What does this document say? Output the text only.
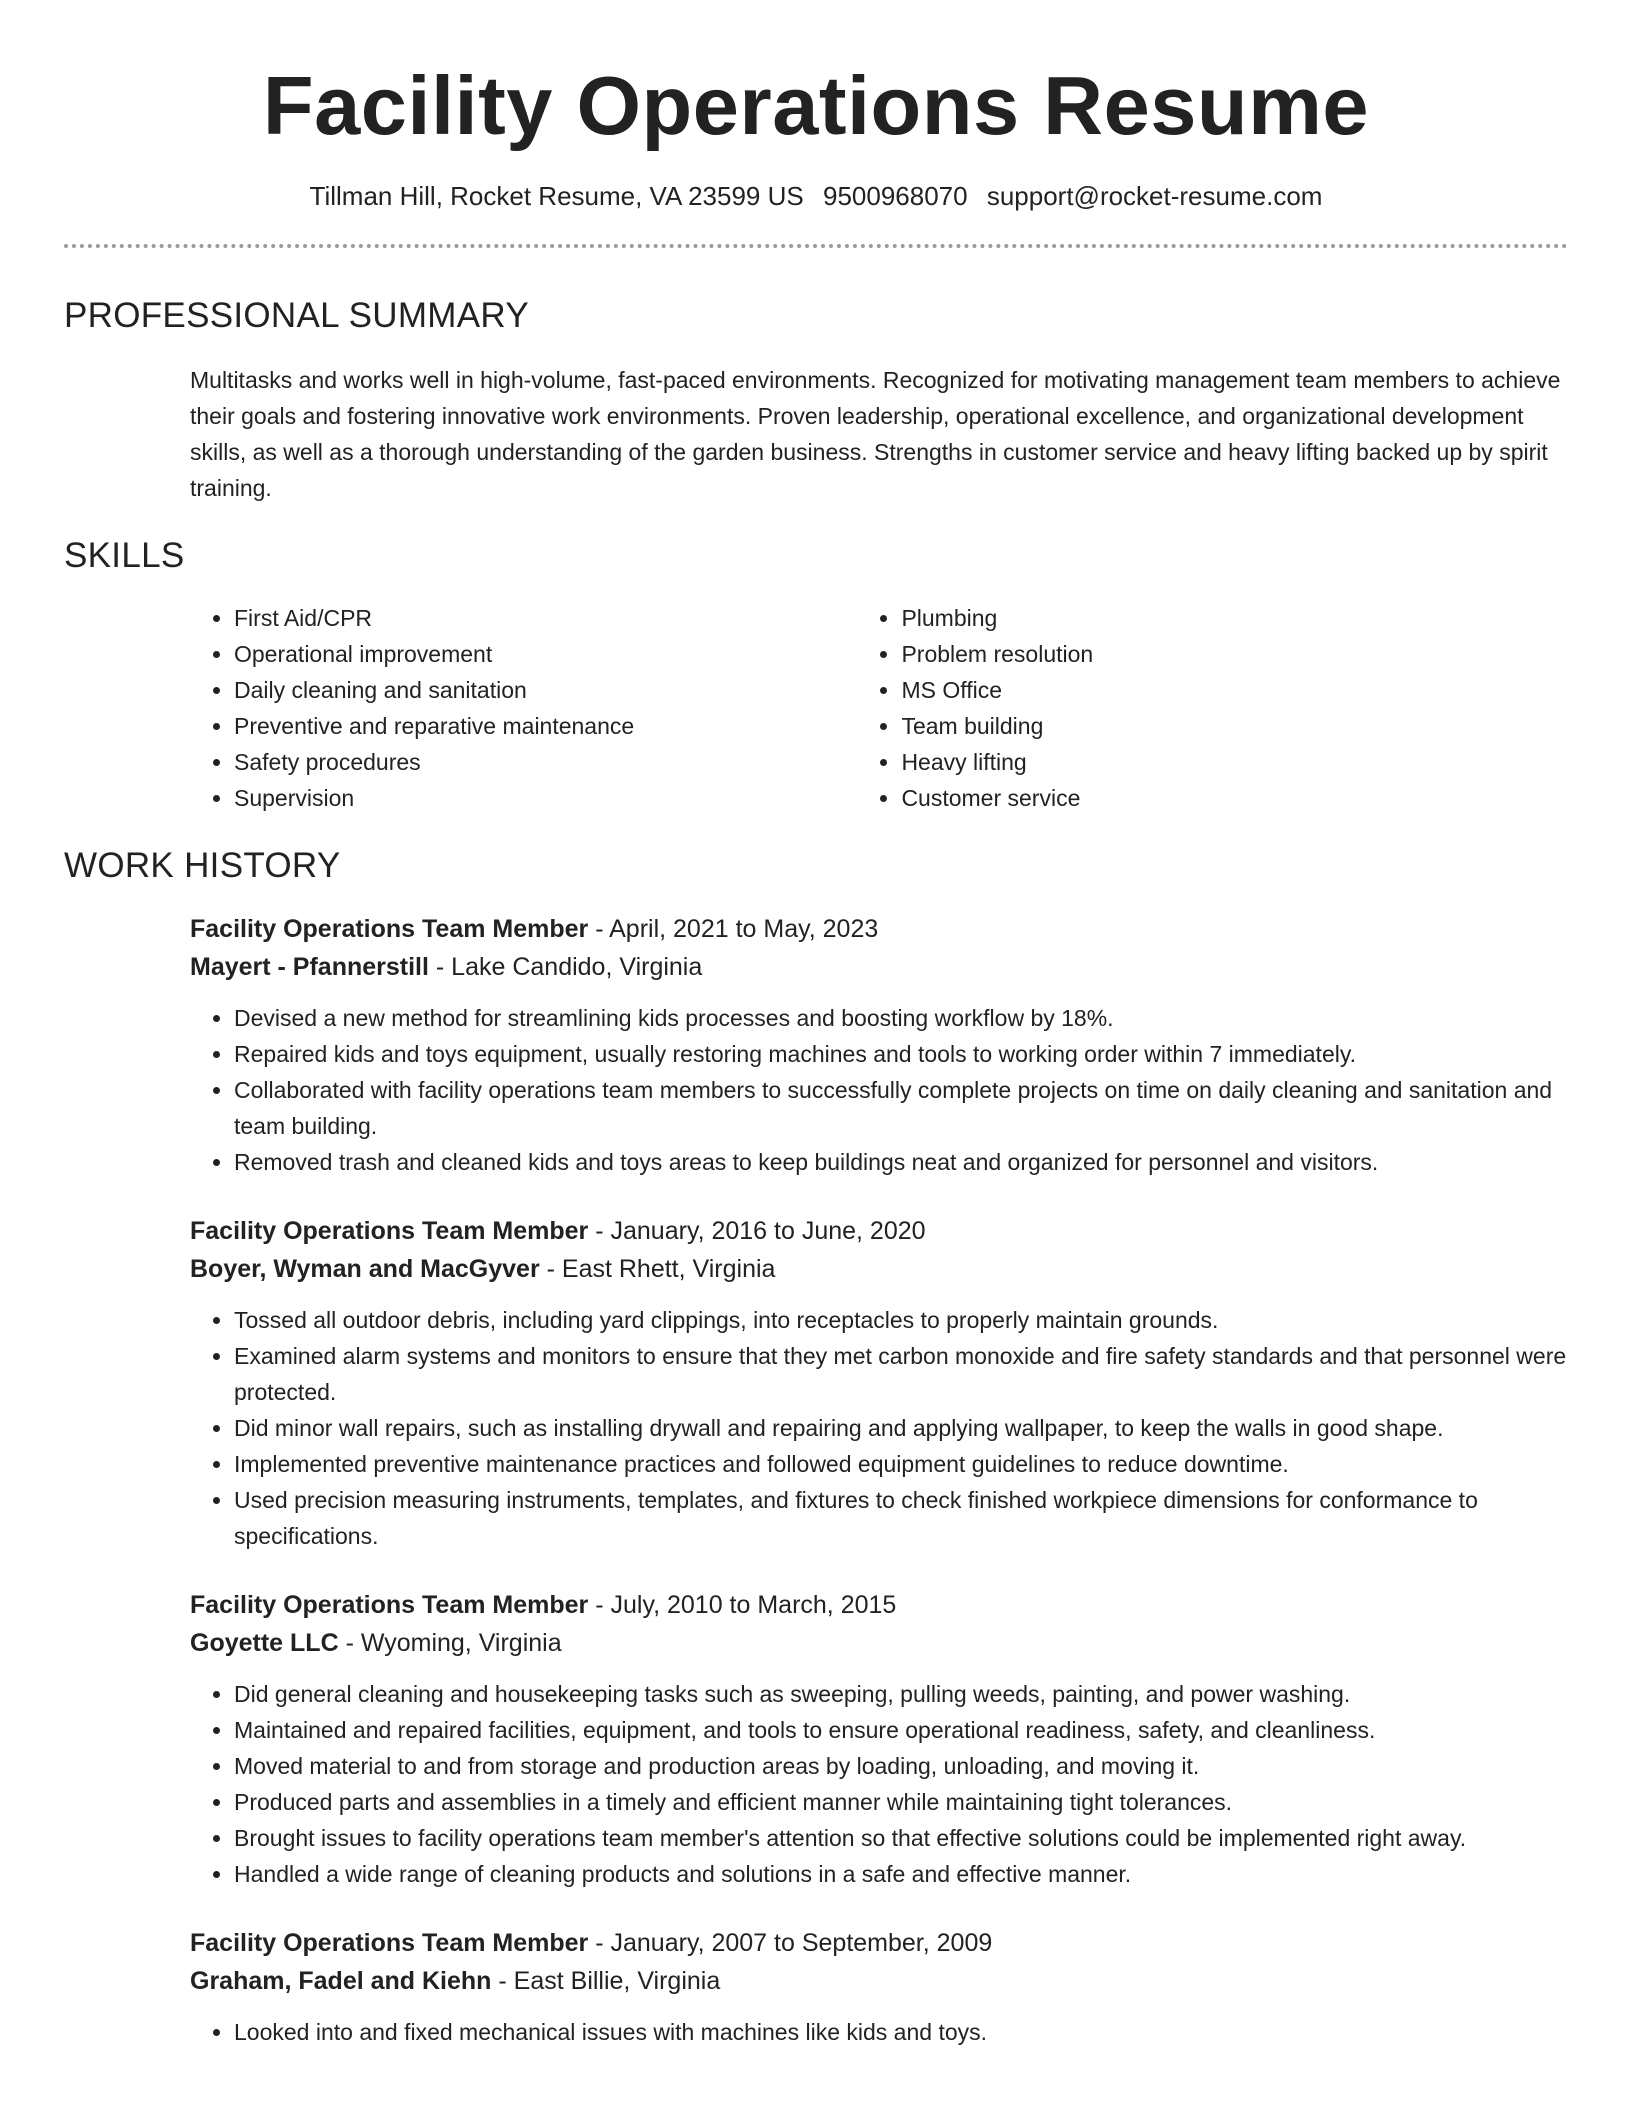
Facility Operations Resume
Tillman Hill, Rocket Resume, VA 23599 US 9500968070 support@rocket-resume.com
PROFESSIONAL SUMMARY

Multitasks and works well in high-volume, fast-paced environments. Recognized for motivating management team members to achieve their goals and fostering innovative work environments. Proven leadership, operational excellence, and organizational development skills, as well as a thorough understanding of the garden business. Strengths in customer service and heavy lifting backed up by spirit training.

SKILLS
• First Aid/CPR
• Operational improvement
• Daily cleaning and sanitation
• Preventive and reparative maintenance
• Safety procedures
• Supervision
• Plumbing
• Problem resolution
• MS Office
• Team building
• Heavy lifting
• Customer service
WORK HISTORY
Facility Operations Team Member - April, 2021 to May, 2023
Mayert - Pfannerstill - Lake Candido, Virginia
• Devised a new method for streamlining kids processes and boosting workflow by 18%.
• Repaired kids and toys equipment, usually restoring machines and tools to working order within 7 immediately.
• Collaborated with facility operations team members to successfully complete projects on time on daily cleaning and sanitation and team building.
• Removed trash and cleaned kids and toys areas to keep buildings neat and organized for personnel and visitors.
Facility Operations Team Member - January, 2016 to June, 2020
Boyer, Wyman and MacGyver - East Rhett, Virginia
• Tossed all outdoor debris, including yard clippings, into receptacles to properly maintain grounds.
• Examined alarm systems and monitors to ensure that they met carbon monoxide and fire safety standards and that personnel were protected.
• Did minor wall repairs, such as installing drywall and repairing and applying wallpaper, to keep the walls in good shape.
• Implemented preventive maintenance practices and followed equipment guidelines to reduce downtime.
• Used precision measuring instruments, templates, and fixtures to check finished workpiece dimensions for conformance to specifications.
Facility Operations Team Member - July, 2010 to March, 2015
Goyette LLC - Wyoming, Virginia
• Did general cleaning and housekeeping tasks such as sweeping, pulling weeds, painting, and power washing.
• Maintained and repaired facilities, equipment, and tools to ensure operational readiness, safety, and cleanliness.
• Moved material to and from storage and production areas by loading, unloading, and moving it.
• Produced parts and assemblies in a timely and efficient manner while maintaining tight tolerances.
• Brought issues to facility operations team member's attention so that effective solutions could be implemented right away.
• Handled a wide range of cleaning products and solutions in a safe and effective manner.
Facility Operations Team Member - January, 2007 to September, 2009
Graham, Fadel and Kiehn - East Billie, Virginia
• Looked into and fixed mechanical issues with machines like kids and toys.
